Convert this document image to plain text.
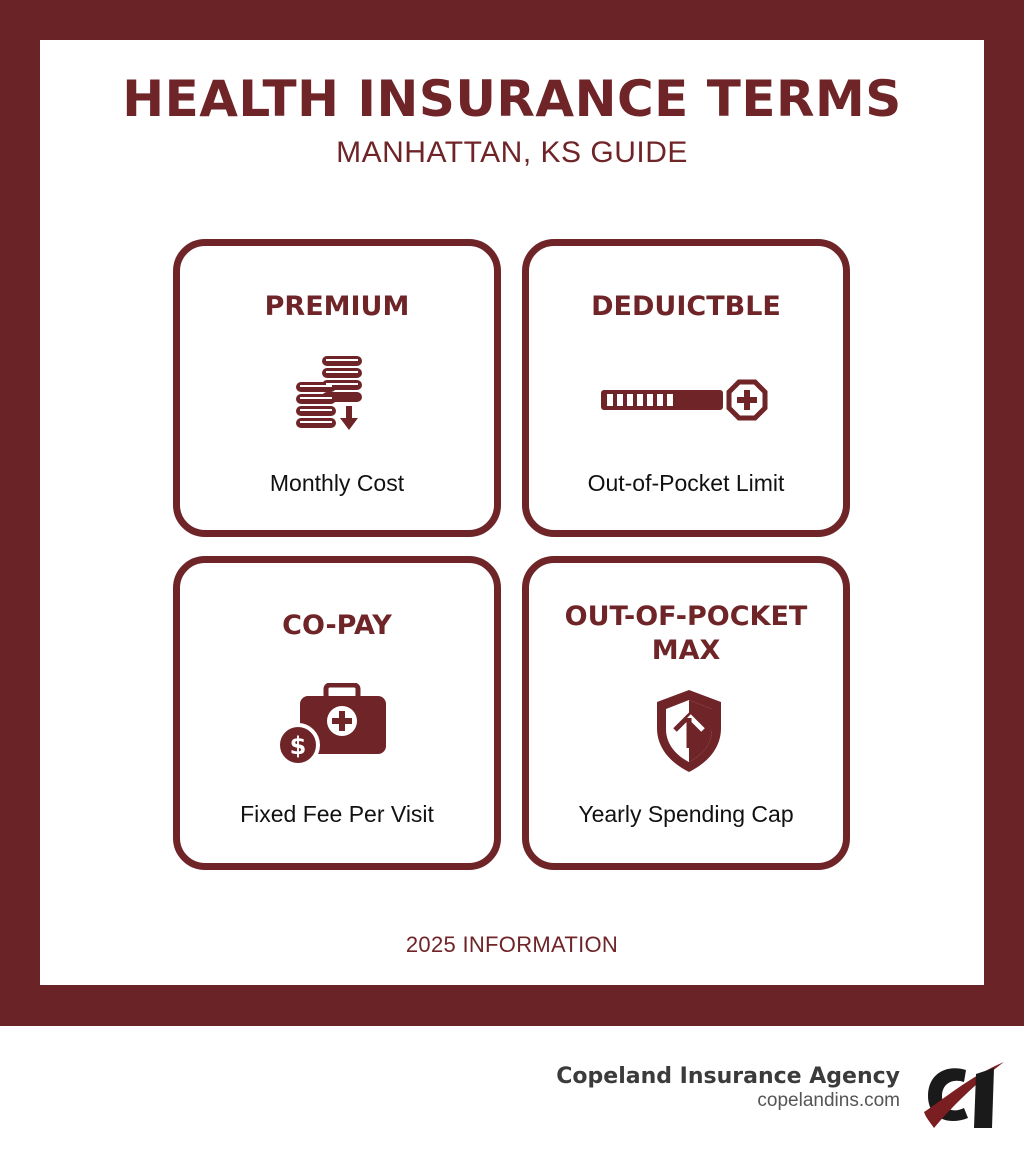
HEALTH INSURANCE TERMS
MANHATTAN, KS GUIDE
PREMIUM
Monthly Cost
DEDUICTBLE
Out-of-Pocket Limit
CO-PAY
$
Fixed Fee Per Visit
OUT-OF-POCKET
MAX
Yearly Spending Cap
2025 INFORMATION
Copeland Insurance Agency
copelandins.com
